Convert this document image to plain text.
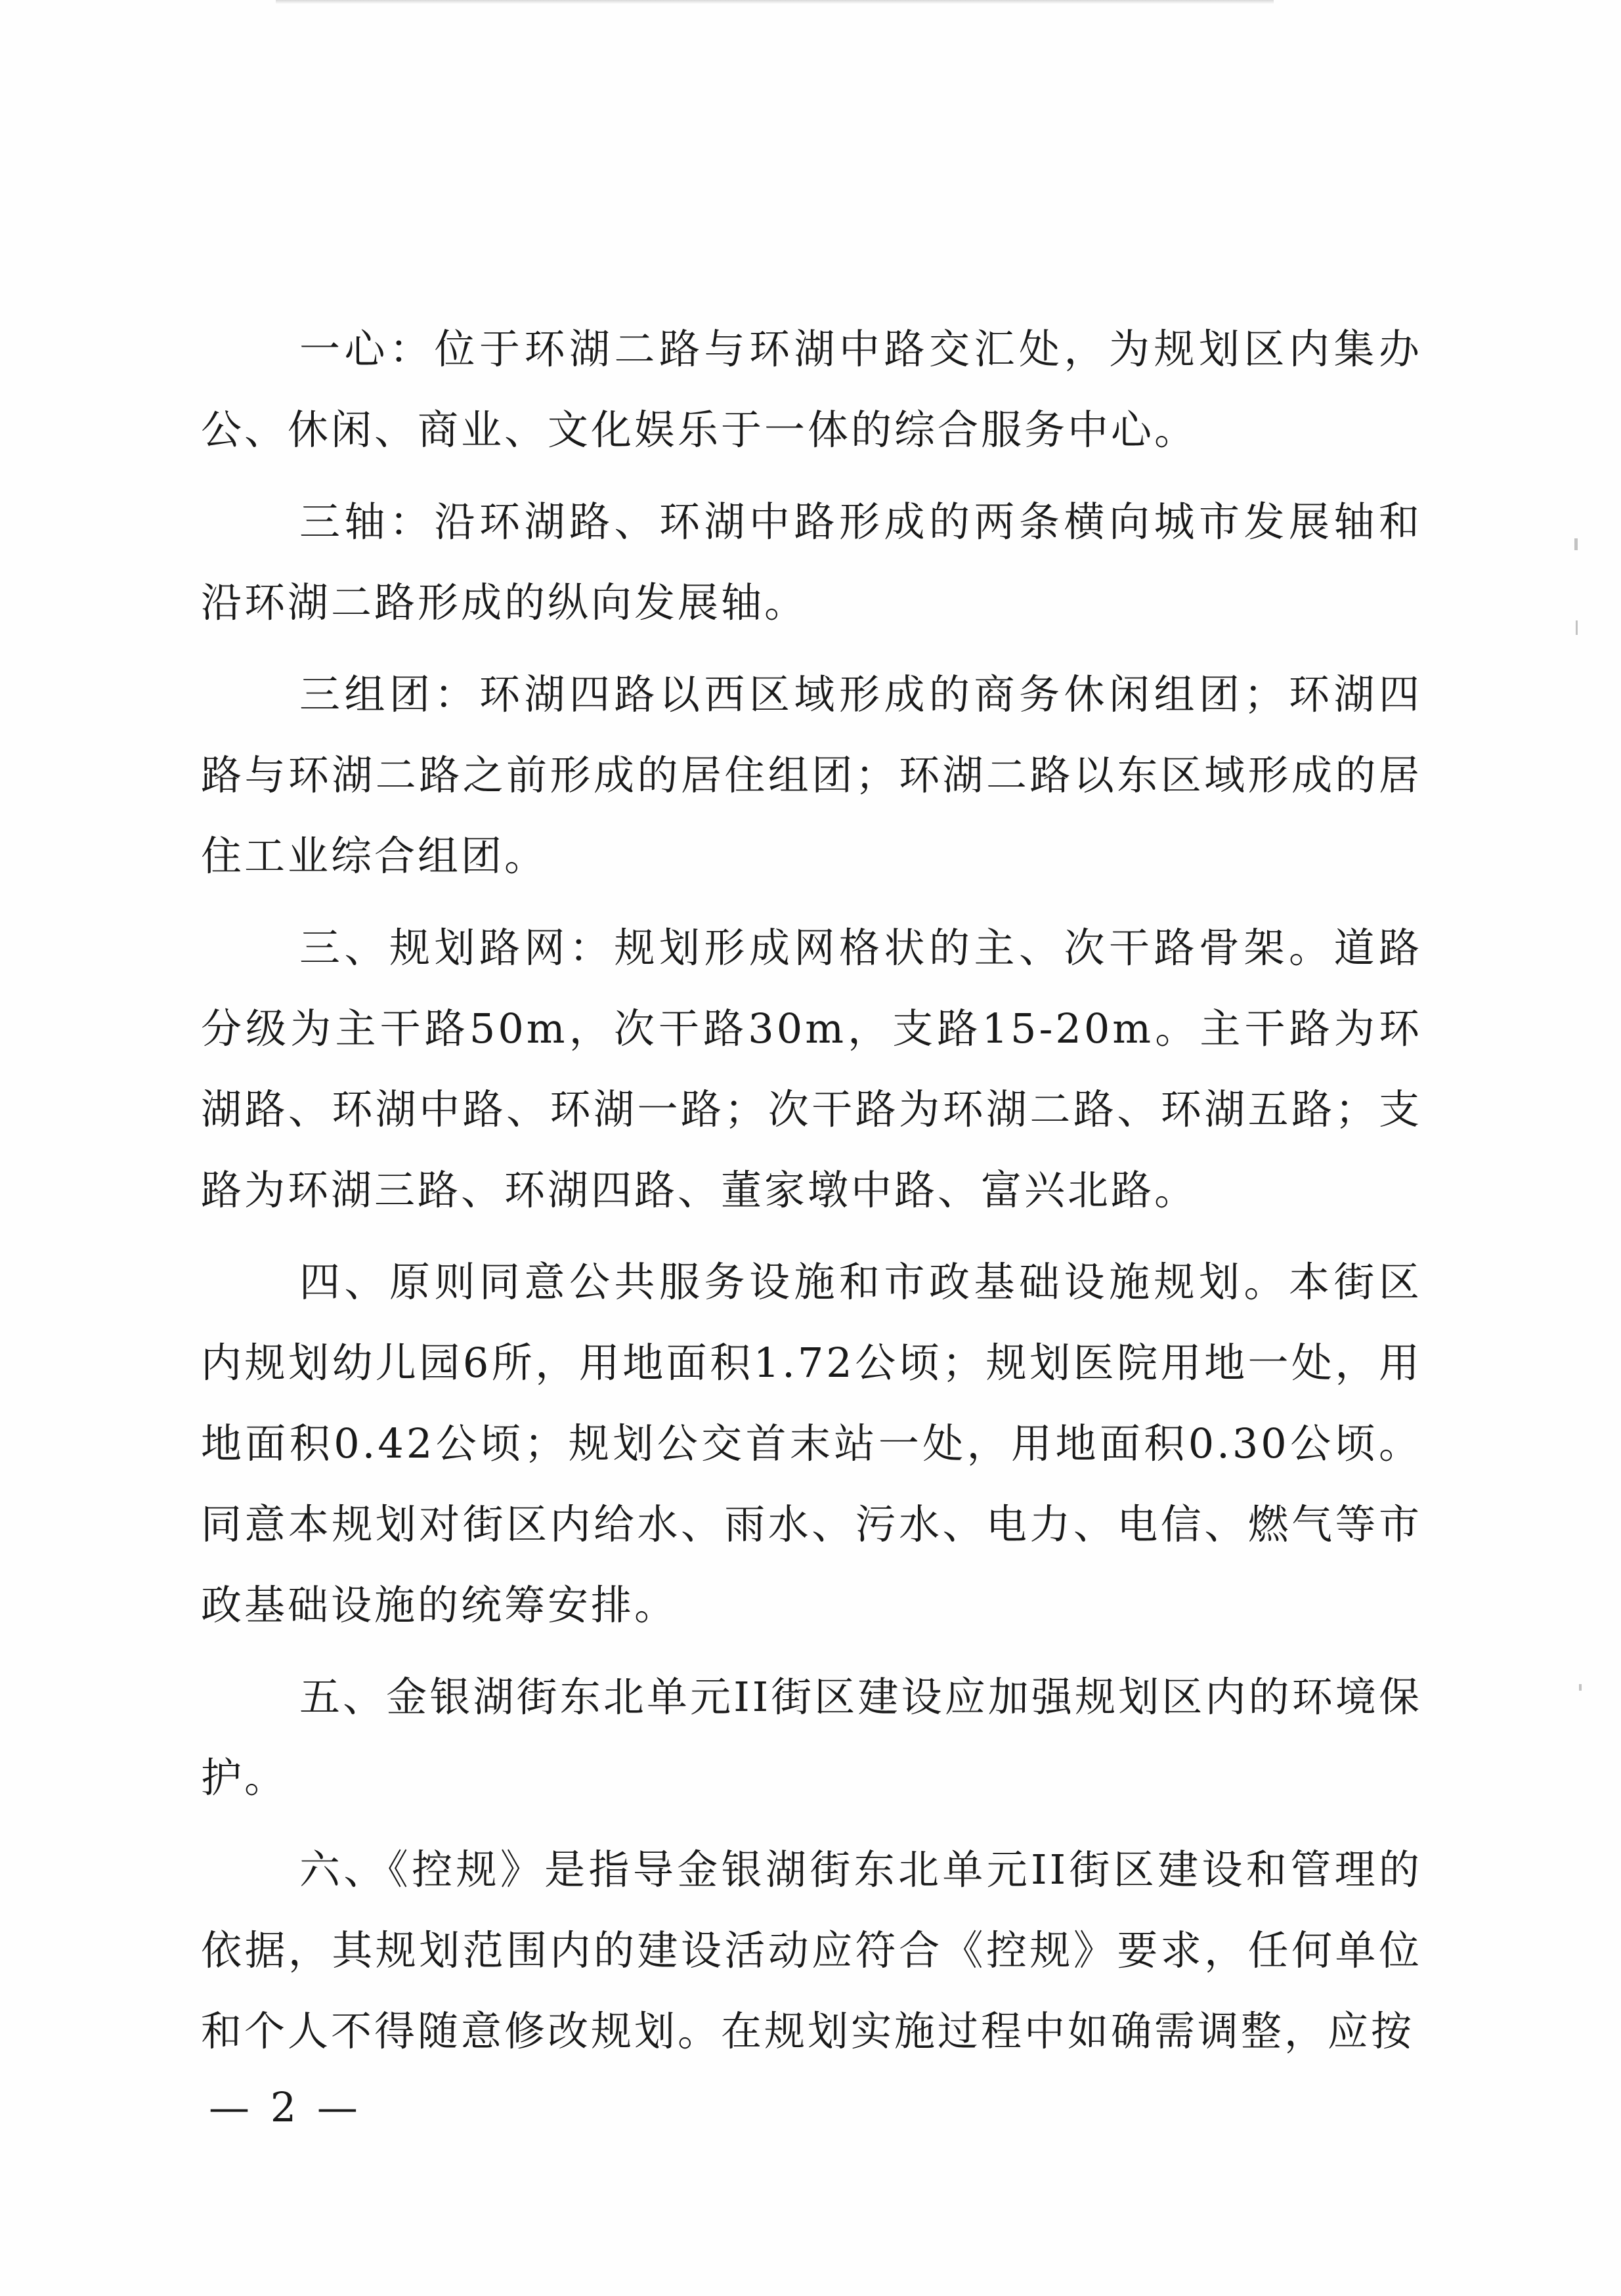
一心：位于环湖二路与环湖中路交汇处，为规划区内集办公、休闲、商业、文化娱乐于一体的综合服务中心。

三轴：沿环湖路、环湖中路形成的两条横向城市发展轴和沿环湖二路形成的纵向发展轴。

三组团：环湖四路以西区域形成的商务休闲组团；环湖四路与环湖二路之前形成的居住组团；环湖二路以东区域形成的居住工业综合组团。

三、规划路网：规划形成网格状的主、次干路骨架。道路分级为主干路50m，次干路30m，支路15-20m。主干路为环湖路、环湖中路、环湖一路；次干路为环湖二路、环湖五路；支路为环湖三路、环湖四路、董家墩中路、富兴北路。

四、原则同意公共服务设施和市政基础设施规划。本街区内规划幼儿园6所，用地面积1.72公顷；规划医院用地一处，用地面积0.42公顷；规划公交首末站一处，用地面积0.30公顷。同意本规划对街区内给水、雨水、污水、电力、电信、燃气等市政基础设施的统筹安排。

五、金银湖街东北单元II街区建设应加强规划区内的环境保护。

六、《控规》是指导金银湖街东北单元II街区建设和管理的依据，其规划范围内的建设活动应符合《控规》要求，任何单位和个人不得随意修改规划。在规划实施过程中如确需调整，应按

— 2 —
